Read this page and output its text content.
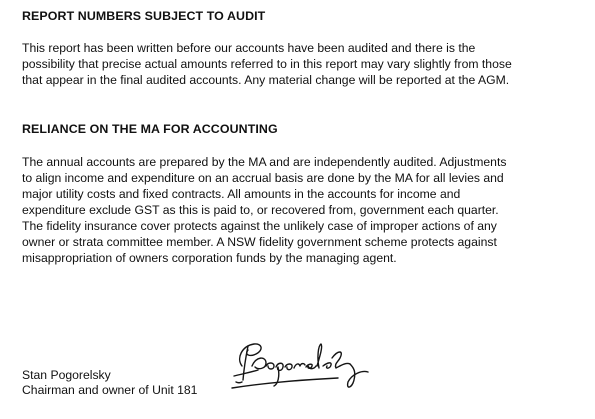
REPORT NUMBERS SUBJECT TO AUDIT
This report has been written before our accounts have been audited and there is the
possibility that precise actual amounts referred to in this report may vary slightly from those
that appear in the final audited accounts. Any material change will be reported at the AGM.
RELIANCE ON THE MA FOR ACCOUNTING
The annual accounts are prepared by the MA and are independently audited. Adjustments
to align income and expenditure on an accrual basis are done by the MA for all levies and
major utility costs and fixed contracts. All amounts in the accounts for income and
expenditure exclude GST as this is paid to, or recovered from, government each quarter.
The fidelity insurance cover protects against the unlikely case of improper actions of any
owner or strata committee member. A NSW fidelity government scheme protects against
misappropriation of owners corporation funds by the managing agent.

Stan Pogorelsky

Chairman and owner of Unit 181
